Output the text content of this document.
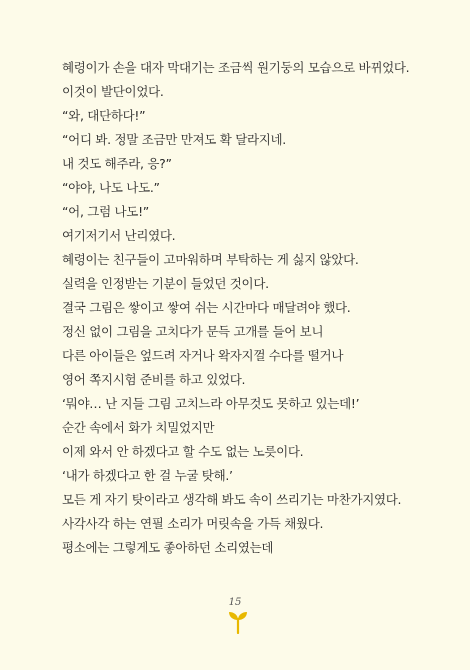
혜령이가 손을 대자 막대기는 조금씩 원기둥의 모습으로 바뀌었다.
이것이 발단이었다.
“와, 대단하다!”
“어디 봐. 정말 조금만 만져도 확 달라지네.
내 것도 해주라, 응?”
“야야, 나도 나도.”
“어, 그럼 나도!”
여기저기서 난리였다.
혜령이는 친구들이 고마워하며 부탁하는 게 싫지 않았다.
실력을 인정받는 기분이 들었던 것이다.
결국 그림은 쌓이고 쌓여 쉬는 시간마다 매달려야 했다.
정신 없이 그림을 고치다가 문득 고개를 들어 보니
다른 아이들은 엎드려 자거나 왁자지껄 수다를 떨거나
영어 쪽지시험 준비를 하고 있었다.
‘뭐야… 난 지들 그림 고치느라 아무것도 못하고 있는데!’
순간 속에서 화가 치밀었지만
이제 와서 안 하겠다고 할 수도 없는 노릇이다.
‘내가 하겠다고 한 걸 누굴 탓해.’
모든 게 자기 탓이라고 생각해 봐도 속이 쓰리기는 마찬가지였다.
사각사각 하는 연필 소리가 머릿속을 가득 채웠다.
평소에는 그렇게도 좋아하던 소리였는데
15
